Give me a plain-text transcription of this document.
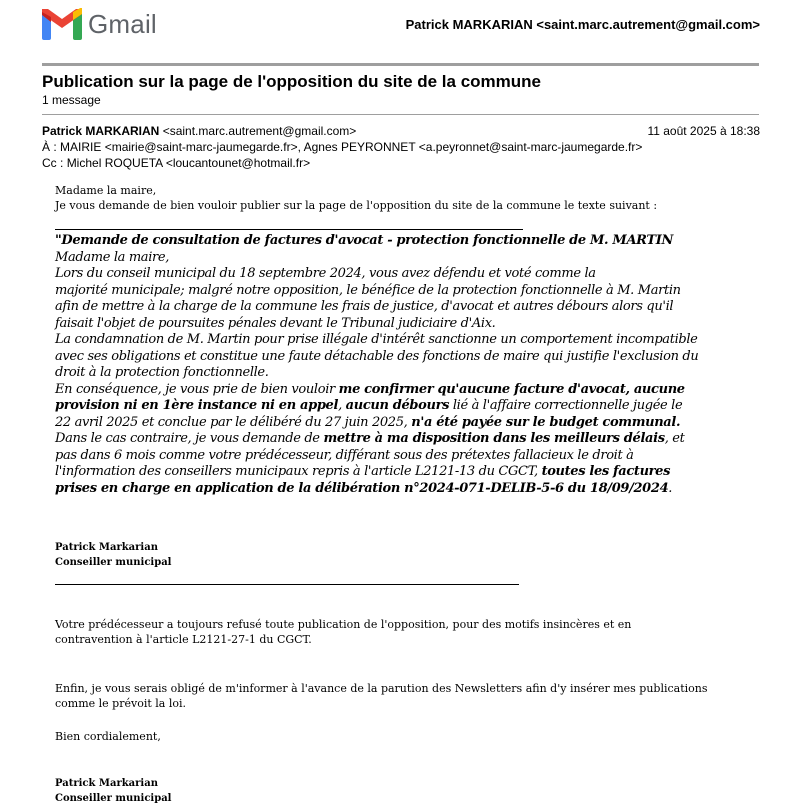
Gmail	Patrick MARKARIAN <saint.marc.autrement@gmail.com>
Publication sur la page de l'opposition du site de la commune
1 message
Patrick MARKARIAN <saint.marc.autrement@gmail.com>	11 août 2025 à 18:38
À : MAIRIE <mairie@saint-marc-jaumegarde.fr>, Agnes PEYRONNET <a.peyronnet@saint-marc-jaumegarde.fr>
Cc : Michel ROQUETA <loucantounet@hotmail.fr>
Madame la maire,
Je vous demande de bien vouloir publier sur la page de l'opposition du site de la commune le texte suivant :
"Demande de consultation de factures d'avocat - protection fonctionnelle de M. MARTIN
Madame la maire,
Lors du conseil municipal du 18 septembre 2024, vous avez défendu et voté comme la
majorité municipale; malgré notre opposition, le bénéfice de la protection fonctionnelle à M. Martin
afin de mettre à la charge de la commune les frais de justice, d'avocat et autres débours alors qu'il
faisait l'objet de poursuites pénales devant le Tribunal judiciaire d'Aix.
La condamnation de M. Martin pour prise illégale d'intérêt sanctionne un comportement incompatible
avec ses obligations et constitue une faute détachable des fonctions de maire qui justifie l'exclusion du
droit à la protection fonctionnelle.
En conséquence, je vous prie de bien vouloir me confirmer qu'aucune facture d'avocat, aucune
provision ni en 1ère instance ni en appel, aucun débours lié à l'affaire correctionnelle jugée le
22 avril 2025 et conclue par le délibéré du 27 juin 2025, n'a été payée sur le budget communal.
Dans le cas contraire, je vous demande de mettre à ma disposition dans les meilleurs délais, et
pas dans 6 mois comme votre prédécesseur, différant sous des prétextes fallacieux le droit à
l'information des conseillers municipaux repris à l'article L2121-13 du CGCT, toutes les factures
prises en charge en application de la délibération n°2024-071-DELIB-5-6 du 18/09/2024.
Patrick Markarian
Conseiller municipal
Votre prédécesseur a toujours refusé toute publication de l'opposition, pour des motifs insincères et en
contravention à l'article L2121-27-1 du CGCT.
Enfin, je vous serais obligé de m'informer à l'avance de la parution des Newsletters afin d'y insérer mes publications
comme le prévoit la loi.
Bien cordialement,
Patrick Markarian
Conseiller municipal
